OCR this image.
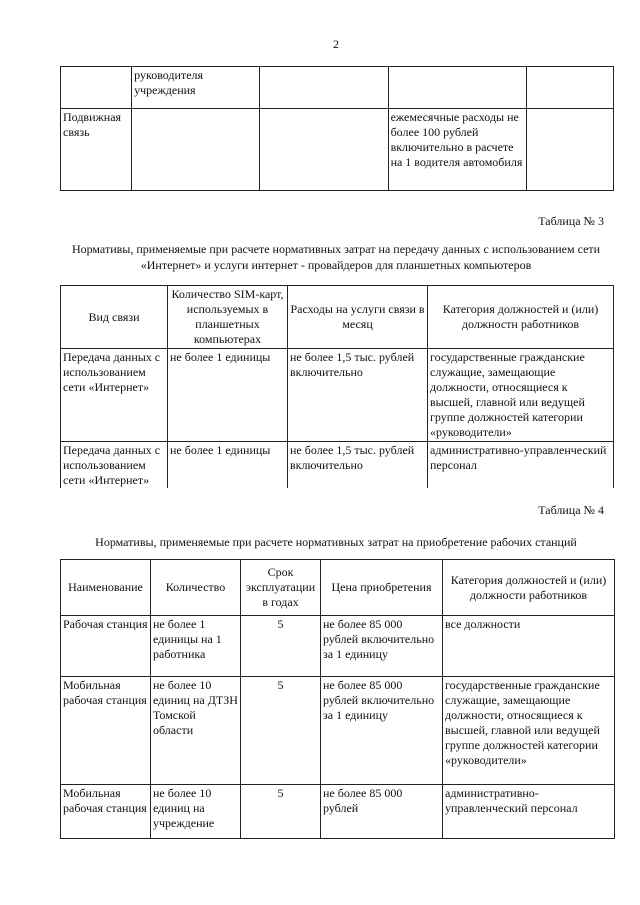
2
	руководителя учреждения			
Подвижная связь			ежемесячные расходы не более 100 рублей включительно в расчете на 1 водителя автомобиля	
Таблица № 3
Нормативы, применяемые при расчете нормативных затрат на передачу данных с использованием сети «Интернет» и услуги интернет - провайдеров для планшетных компьютеров
Вид связи	Количество SIM-карт, используемых в планшетных компьютерах	Расходы на услуги связи в месяц	Категория должностей и (или) должностн работников
Передача данных с использованием сети «Интернет»	не более 1 единицы	не более 1,5 тыс. рублей включительно	государственные гражданские служащие, замещающие должности, относящиеся к высшей, главной или ведущей группе должностей категории «руководители»
Передача данных с использованием сети «Интернет»	не более 1 единицы	не более 1,5 тыс. рублей включительно	административно-управленческий персонал
Таблица № 4
Нормативы, применяемые при расчете нормативных затрат на приобретение рабочих станций
Наименование	Количество	Срок эксплуатации в годах	Цена приобретения	Категория должностей и (или) должности работников
Рабочая станция	не более 1 единицы на 1 работника	5	не более 85 000 рублей включительно за 1 единицу	все должности
Мобильная рабочая станция	не более 10 единиц на ДТЗН Томской области	5	не более 85 000 рублей включительно за 1 единицу	государственные гражданские служащие, замещающие должности, относящиеся к высшей, главной или ведущей группе должностей категории «руководители»
Мобильная рабочая станция	не более 10 единиц на учреждение	5	не более 85 000 рублей	административно-управленческий персонал
